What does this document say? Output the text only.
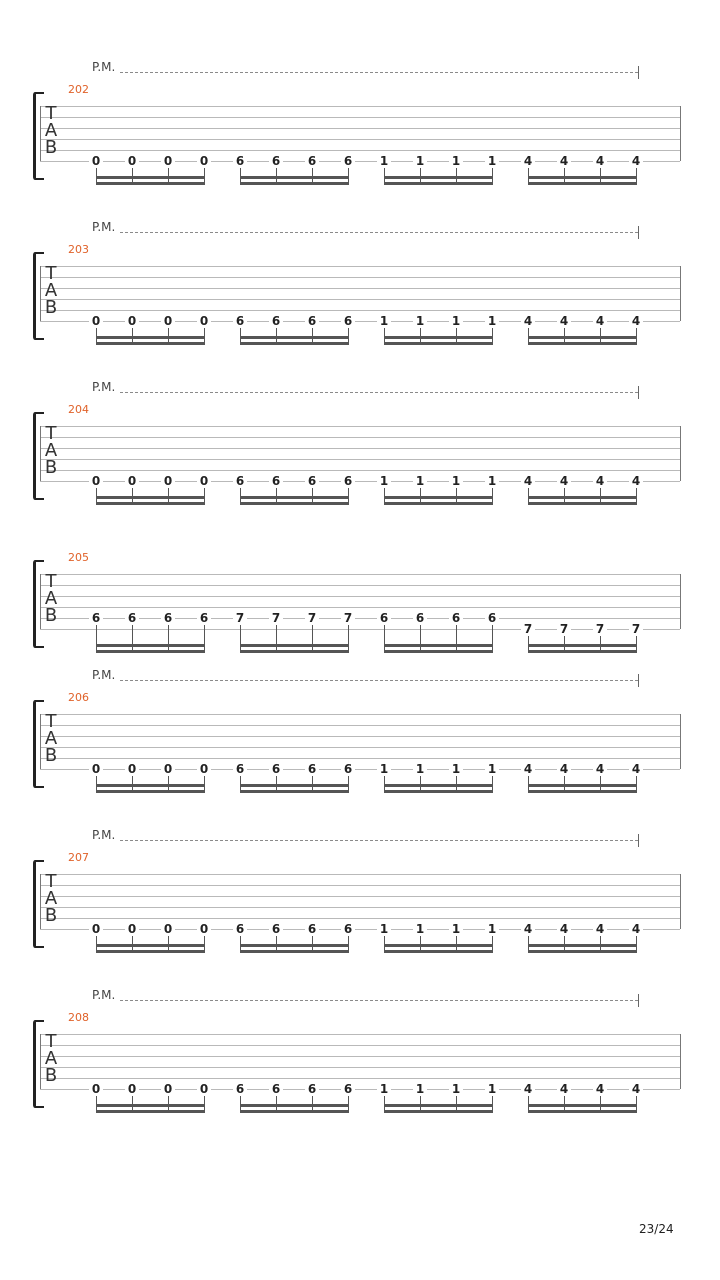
P.M.
202
T
A
B
0 0 0 0 6 6 6 6 1 1 1 1 4 4 4 4
P.M.
203
T
A
B
0 0 0 0 6 6 6 6 1 1 1 1 4 4 4 4
P.M.
204
T
A
B
0 0 0 0 6 6 6 6 1 1 1 1 4 4 4 4
205
T
A
B	6 6 6 6 7 7 7 7 6 6 6 6
7 7 7 7
P.M.
206
T
A
B
0 0 0 0 6 6 6 6 1 1 1 1 4 4 4 4
P.M.
207
T
A
B
0 0 0 0 6 6 6 6 1 1 1 1 4 4 4 4
P.M.
208
T
A
B
0 0 0 0 6 6 6 6 1 1 1 1 4 4 4 4
23/24
